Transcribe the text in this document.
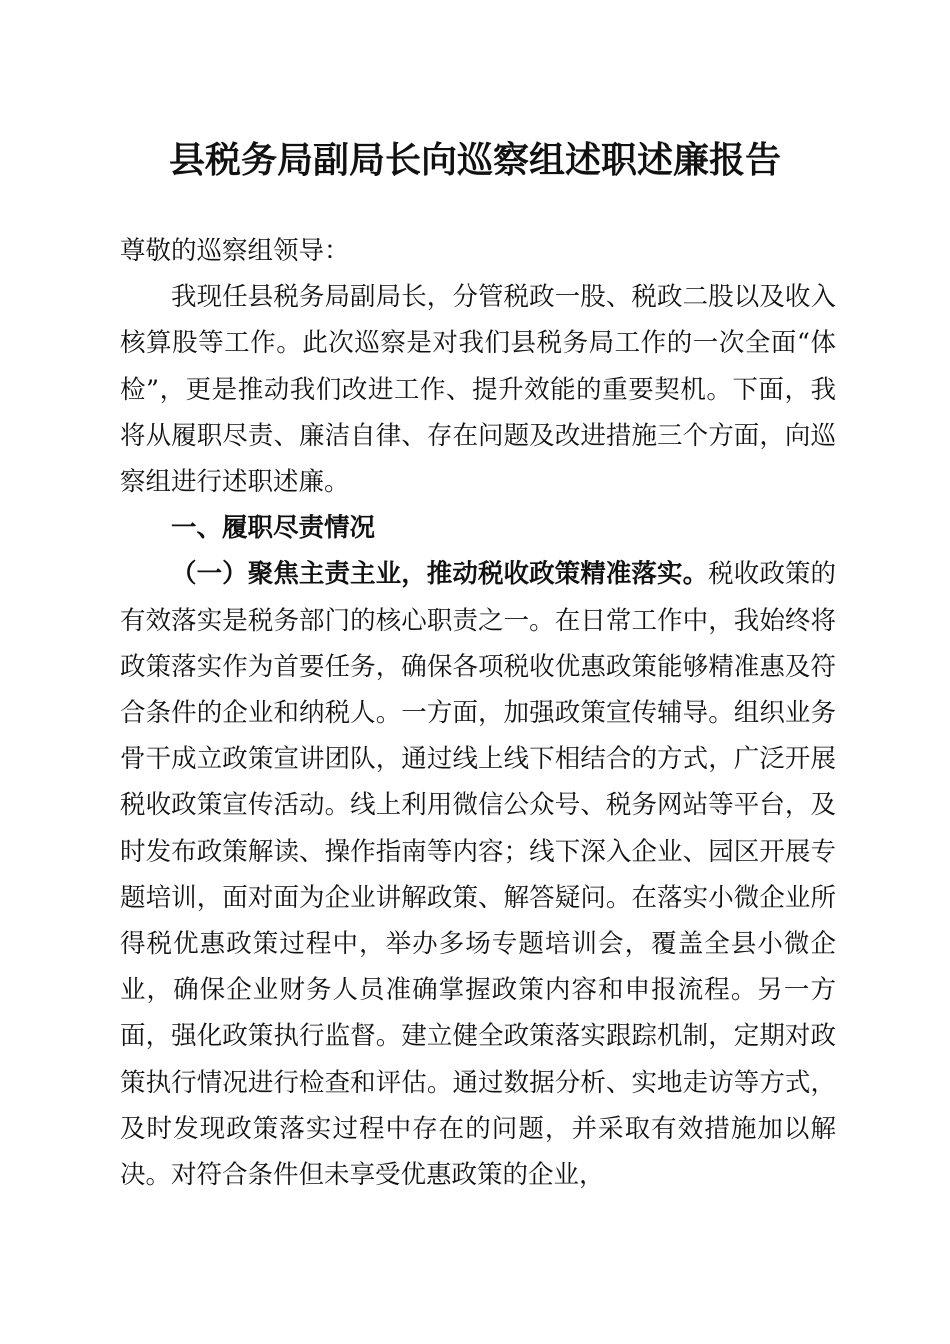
县税务局副局长向巡察组述职述廉报告

尊敬的巡察组领导：

我现任县税务局副局长，分管税政一股、税政二股以及收入核算股等工作。此次巡察是对我们县税务局工作的一次全面“体检”，更是推动我们改进工作、提升效能的重要契机。下面，我将从履职尽责、廉洁自律、存在问题及改进措施三个方面，向巡察组进行述职述廉。

一、履职尽责情况

（一）聚焦主责主业，推动税收政策精准落实。税收政策的有效落实是税务部门的核心职责之一。在日常工作中，我始终将政策落实作为首要任务，确保各项税收优惠政策能够精准惠及符合条件的企业和纳税人。一方面，加强政策宣传辅导。组织业务骨干成立政策宣讲团队，通过线上线下相结合的方式，广泛开展税收政策宣传活动。线上利用微信公众号、税务网站等平台，及时发布政策解读、操作指南等内容；线下深入企业、园区开展专题培训，面对面为企业讲解政策、解答疑问。在落实小微企业所得税优惠政策过程中，举办多场专题培训会，覆盖全县小微企业，确保企业财务人员准确掌握政策内容和申报流程。另一方面，强化政策执行监督。建立健全政策落实跟踪机制，定期对政策执行情况进行检查和评估。通过数据分析、实地走访等方式，及时发现政策落实过程中存在的问题，并采取有效措施加以解决。对符合条件但未享受优惠政策的企业，
